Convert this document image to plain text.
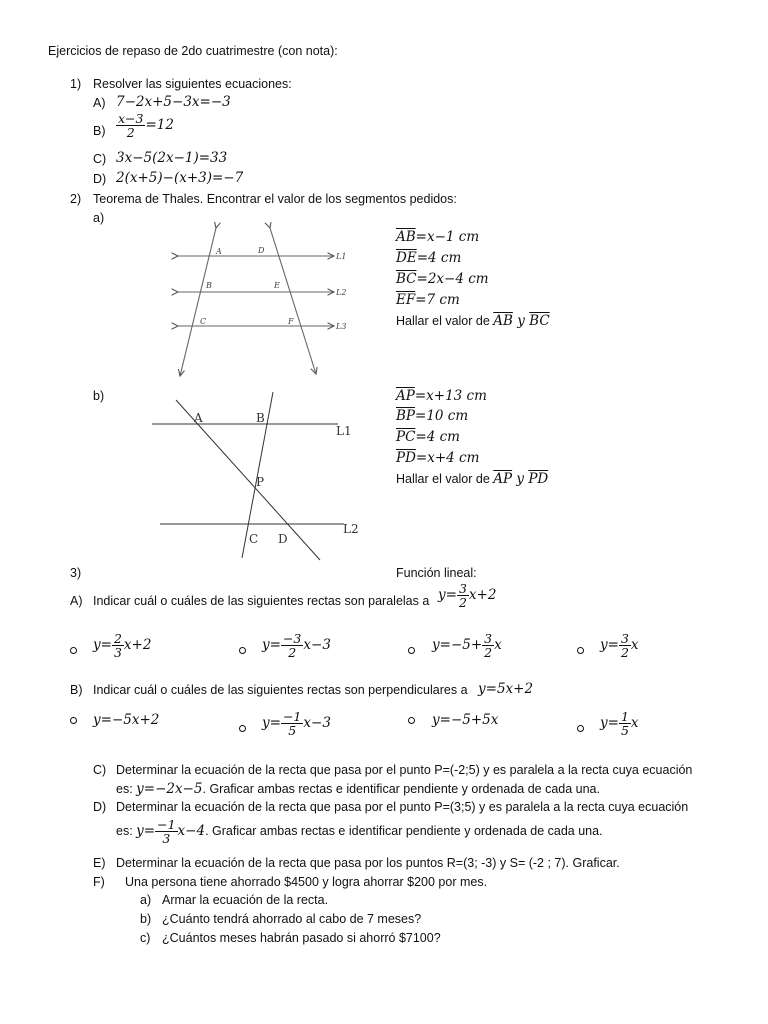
Ejercicios de repaso de 2do cuatrimestre (con nota):
1) Resolver las siguientes ecuaciones:
A) 7−2x+5−3x=−3
$B) \frac{x-3}{2} =12$
C) 3x−5(2x−1)=33
D) 2(x+5)−(x+3)=−7
2) Teorema de Thales. Encontrar el valor de los segmentos pedidos:
a)
A	D
L1
B	E
L2
C	F
L3
$\overline{AB}=x-1$ cm
$\overline{DE}=4$ cm
$\overline{BC}=2x-4$ cm
$\overline{EF}=7$ cm
Hallar el valor de $\overline{AB}$ y $\overline{BC}$
b)
A	B
L1
P
C D
L2
$\overline{AP}=x+13$ cm
$\overline{BP}=10$ cm
$\overline{PC}=4$ cm
$\overline{PD}=x+4$ cm
Hallar el valor de $\overline{AP}$ y $\overline{PD}$
3)	Función lineal:
A) Indicar cuál o cuáles de las siguientes rectas son paralelas a $y= \frac{3}{2} x+2$
$y= \frac{2}{3} x+2$	$y= \frac{-3}{2} x-3$	$y=-5+ \frac{3}{2}$ x	$y= \frac{3}{2}$ x
B) Indicar cuál o cuáles de las siguientes rectas son perpendiculares a y=5x+2
y=−5x+2	$y= \frac{-1}{5} x-3$	y=−5+5x	$y= \frac{1}{5}$ x
C) Determinar la ecuación de la recta que pasa por el punto P=(-2;5) y es paralela a la recta cuya ecuación
es: y=−2x−5. Graficar ambas rectas e identificar pendiente y ordenada de cada una.
D) Determinar la ecuación de la recta que pasa por el punto P=(3;5) y es paralela a la recta cuya ecuación
es: $y= \frac{-1}{3} x-4$. Graficar ambas rectas e identificar pendiente y ordenada de cada una.
E) Determinar la ecuación de la recta que pasa por los puntos R=(3; -3) y S= (-2 ; 7). Graficar.
F) Una persona tiene ahorrado $4500 y logra ahorrar $200 por mes.
a) Armar la ecuación de la recta.
b) ¿Cuánto tendrá ahorrado al cabo de 7 meses?
c) ¿Cuántos meses habrán pasado si ahorró $7100?
